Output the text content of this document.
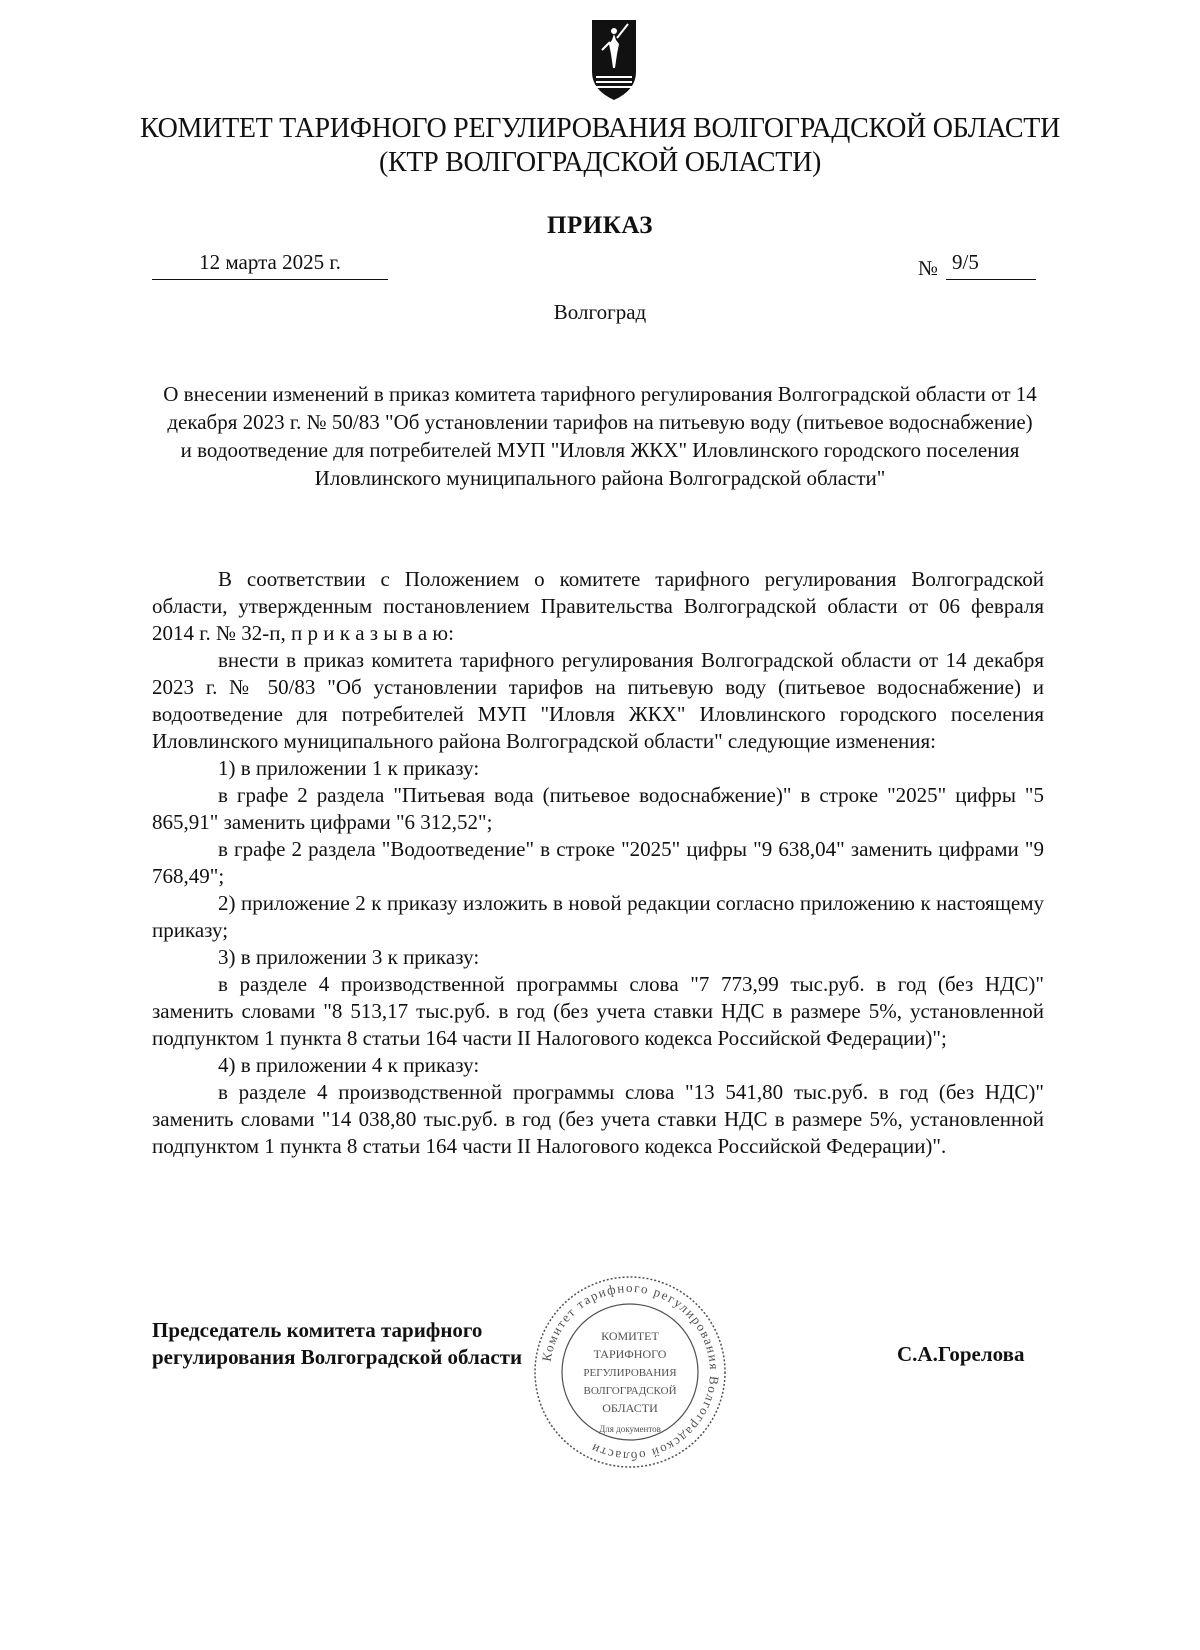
КОМИТЕТ ТАРИФНОГО РЕГУЛИРОВАНИЯ ВОЛГОГРАДСКОЙ ОБЛАСТИ
(КТР ВОЛГОГРАДСКОЙ ОБЛАСТИ)
ПРИКАЗ
12 марта 2025 г.	№ 9/5
Волгоград
О внесении изменений в приказ комитета тарифного регулирования Волгоградской области от 14 декабря 2023 г. № 50/83 "Об установлении тарифов на питьевую воду (питьевое водоснабжение) и водоотведение для потребителей МУП "Иловля ЖКХ" Иловлинского городского поселения Иловлинского муниципального района Волгоградской области"

В соответствии с Положением о комитете тарифного регулирования Волгоградской области, утвержденным постановлением Правительства Волгоградской области от 06 февраля 2014 г. № 32-п, п р и к а з ы в а ю:

внести в приказ комитета тарифного регулирования Волгоградской области от 14 декабря 2023 г. № 50/83 "Об установлении тарифов на питьевую воду (питьевое водоснабжение) и водоотведение для потребителей МУП "Иловля ЖКХ" Иловлинского городского поселения Иловлинского муниципального района Волгоградской области" следующие изменения:

1) в приложении 1 к приказу:

в графе 2 раздела "Питьевая вода (питьевое водоснабжение)" в строке "2025" цифры "5 865,91" заменить цифрами "6 312,52";

в графе 2 раздела "Водоотведение" в строке "2025" цифры "9 638,04" заменить цифрами "9 768,49";

2) приложение 2 к приказу изложить в новой редакции согласно приложению к настоящему приказу;

3) в приложении 3 к приказу:

в разделе 4 производственной программы слова "7 773,99 тыс.руб. в год (без НДС)" заменить словами "8 513,17 тыс.руб. в год (без учета ставки НДС в размере 5%, установленной подпунктом 1 пункта 8 статьи 164 части II Налогового кодекса Российской Федерации)";

4) в приложении 4 к приказу:

в разделе 4 производственной программы слова "13 541,80 тыс.руб. в год (без НДС)" заменить словами "14 038,80 тыс.руб. в год (без учета ставки НДС в размере 5%, установленной подпунктом 1 пункта 8 статьи 164 части II Налогового кодекса Российской Федерации)".

Председатель комитета тарифного
регулирования Волгоградской области	С.А.Горелова
Комитет тарифного регулирования Волгоградской области
КОМИТЕТ
ТАРИФНОГО
РЕГУЛИРОВАНИЯ
ВОЛГОГРАДСКОЙ
ОБЛАСТИ
Для документов
